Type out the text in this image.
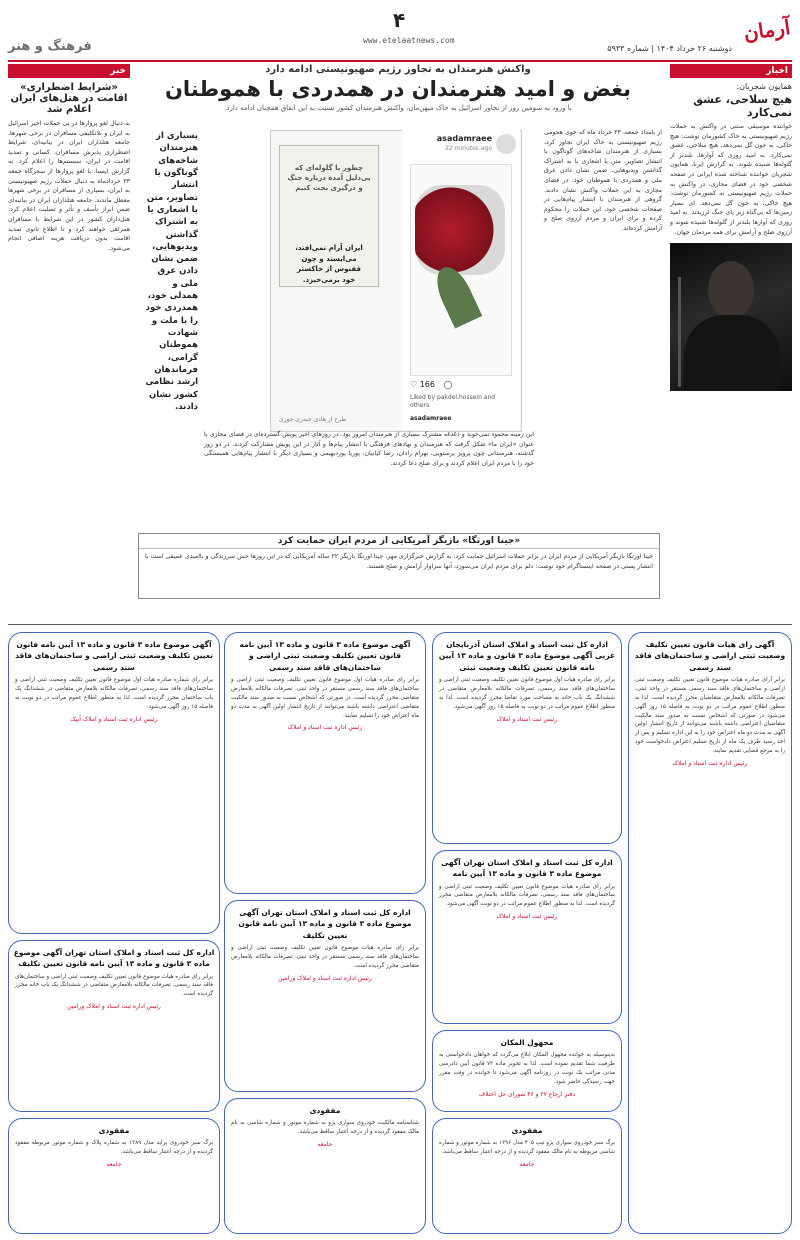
آرمان
۴
www.etelaatnews.com
دوشنبه ۲۶ خرداد ۱۴۰۴ | شماره ۵۹۳۳
فرهنگ و هنر
اخبار
همایون شجریان:
هیچ سلاحی، عشق نمی‌کارد
خواننده موسیقی سنتی در واکنش به حملات رژیم صهیونیستی به خاک کشورمان نوشت: هیچ خاکی، به خون گل نمی‌دهد، هیچ سلاحی، عشق نمی‌کارد. به امید روزی که آوارها، بلندتر از گلوله‌ها شنیده شوند. به گزارش ایرنا، همایون شجریان خواننده شناخته شده ایرانی در صفحه شخصی خود در فضای مجازی، در واکنش به حملات رژیم صهیونیستی به کشورمان نوشت: هیچ خاکی، به خون گل نمی‌دهد. ای بسیار زمین‌ها که بی‌گناه زیر پای جنگ لرزیدند. به امید روزی که آوارها بلندتر از گلوله‌ها شنیده شوند و آرزوی صلح و آرامش برای همه مردمان جهان.
خبر
«شرایط اضطراری» اقامت در هتل‌های ایران اعلام شد
به دنبال لغو پروازها در پی حملات اخیر اسرائیل به ایران و بلاتکلیفی مسافران در برخی شهرها، جامعه هتلداران ایران در بیانیه‌ای، شرایط اضطراری پذیرش مسافران، کسانی و تمدید اقامت در ایران، سیستم‌ها را اعلام کرد. به گزارش ایسنا، با لغو پروازها از سحرگاه جمعه ۲۳ خردادماه به دنبال حملات رژیم صهیونیستی به ایران، بسیاری از مسافران در برخی شهرها معطل ماندند. جامعه هتلداران ایران در بیانیه‌ای ضمن ابراز تأسف و تأثر و تسلیت اعلام کرد: هتل‌داران کشور در این شرایط با مسافران همراهی خواهند کرد و تا اطلاع ثانوی تمدید اقامت بدون دریافت هزینه اضافی انجام می‌شود.
واکنش هنرمندان به تجاوز رژیم صهیونیستی ادامه دارد
بغض و امید هنرمندان در همدردی با هموطنان
با ورود به سومین روز از تجاوز اسرائیل به خاک میهن‌مان، واکنش هنرمندان کشور نسبت به این اتفاق همچنان ادامه دارد.
از بامداد جمعه، ۲۳ خرداد ماه که خوی هجومی رژیم صهیونیستی به خاک ایران تجاوز کرد، بسیاری از هنرمندان شاخه‌های گوناگون با انتشار تصاویر، متن یا اشعاری با به اشتراک گذاشتن ویدیوهایی، ضمن نشان دادن عرق ملی و همدردی با هموطنان خود، در فضای مجازی به این حملات واکنش نشان دادند. گروهی از هنرمندان با انتشار پیام‌هایی در صفحات شخصی خود، این حملات را محکوم کرده و برای ایران و مردم آرزوی صلح و آرامش کرده‌اند.
چطور با گلوله‌ای که بی‌دلیل آمده درباره جنگ و درگیری بحث کنیم
ایران آرام نمی‌افتد، می‌ایستد و چون ققنوس از خاکستر خود برمی‌خیزد.
طرح از هادی حیدری جوزی
asadamraee
22 minutes ago
♡ 166 ◯
Liked by pakdel.hossein and others
asadamraee
بسیاری از هنرمندان شاخه‌های گوناگون با انتشار تصاویر، متن یا اشعاری یا به اشتراک گذاشتن ویدیوهایی، ضمن نشان دادن عرق ملی و همدلی خود، همدردی خود را با ملت و شهادت هموطنان گرامی، فرماندهان ارشد نظامی کشور نشان دادند.
این زمینه محمود تمی‌خوند و دغدغه مشترک بسیاری از هنرمندان امروز بود. در روزهای اخیر پویش گسترده‌ای در فضای مجازی با عنوان «ایران ما» شکل گرفت که هنرمندان و نهادهای فرهنگی با انتشار پیام‌ها و آثار در این پویش مشارکت کردند. در دو روز گذشته، هنرمندانی چون پرویز پرستویی، بهرام رادان، رضا کیانیان، پوریا پوردیهیمی و بسیاری دیگر با انتشار پیام‌هایی همبستگی خود را با مردم ایران اعلام کردند و برای صلح دعا کردند.
«جینا اورتگا» بازیگر آمریکایی از مردم ایران حمایت کرد
جینا اورتگا بازیگر آمریکایی از مردم ایران در برابر حملات اسرائیل حمایت کرد. به گزارش خبرگزاری مهر، جینا اورتگا بازیگر ۲۲ ساله آمریکایی که در این روزها حس سرزندگی و ناامیدی عمیقی است با انتشار پستی در صفحه اینستاگرام خود نوشت: دلم برای مردم ایران می‌سوزد، آنها سزاوار آرامش و صلح هستند.
آگهی رای هیات قانون تعیین تکلیف وضعیت ثبتی اراضی و ساختمان‌های فاقد سند رسمی
برابر آرای صادره هیات موضوع قانون تعیین تکلیف وضعیت ثبتی اراضی و ساختمان‌های فاقد سند رسمی مستقر در واحد ثبتی، تصرفات مالکانه بلامعارض متقاضیان محرز گردیده است. لذا به منظور اطلاع عموم مراتب در دو نوبت به فاصله ۱۵ روز آگهی می‌شود در صورتی که اشخاص نسبت به صدور سند مالکیت متقاضیان اعتراضی داشته باشند می‌توانند از تاریخ انتشار اولین آگهی به مدت دو ماه اعتراض خود را به این اداره تسلیم و پس از اخذ رسید ظرف یک ماه از تاریخ تسلیم اعتراض دادخواست خود را به مرجع قضایی تقدیم نمایند.
رئیس اداره ثبت اسناد و املاک
اداره کل ثبت اسناد و املاک استان آذربایجان غربی آگهی موضوع ماده ۳ قانون و ماده ۱۳ آیین نامه قانون تعیین تکلیف وضعیت ثبتی
برابر رای صادره هیات اول موضوع قانون تعیین تکلیف وضعیت ثبتی اراضی و ساختمان‌های فاقد سند رسمی، تصرفات مالکانه بلامعارض متقاضی در ششدانگ یک باب خانه به مساحت مورد تقاضا محرز گردیده است. لذا به منظور اطلاع عموم مراتب در دو نوبت به فاصله ۱۵ روز آگهی می‌شود.
رئیس ثبت اسناد و املاک
آگهی موضوع ماده ۳ قانون و ماده ۱۳ آیین نامه قانون تعیین تکلیف وضعیت ثبتی اراضی و ساختمان‌های فاقد سند رسمی
برابر رای صادره هیات اول موضوع قانون تعیین تکلیف وضعیت ثبتی اراضی و ساختمان‌های فاقد سند رسمی مستقر در واحد ثبتی، تصرفات مالکانه بلامعارض متقاضی محرز گردیده است. در صورتی که اشخاص نسبت به صدور سند مالکیت متقاضی اعتراضی داشته باشند می‌توانند از تاریخ انتشار اولین آگهی به مدت دو ماه اعتراض خود را تسلیم نمایند.
رئیس اداره ثبت اسناد و املاک
آگهی موضوع ماده ۳ قانون و ماده ۱۳ آیین نامه قانون تعیین تکلیف وضعیت ثبتی اراضی و ساختمان‌های فاقد سند رسمی
برابر رای شماره صادره هیات اول موضوع قانون تعیین تکلیف وضعیت ثبتی اراضی و ساختمان‌های فاقد سند رسمی، تصرفات مالکانه بلامعارض متقاضی در ششدانگ یک باب ساختمان محرز گردیده است. لذا به منظور اطلاع عموم مراتب در دو نوبت به فاصله ۱۵ روز آگهی می‌شود.
رئیس اداره ثبت اسناد و املاک آبیک
اداره کل ثبت اسناد و املاک استان تهران آگهی موضوع ماده ۳ قانون و ماده ۱۳ آیین نامه
برابر رای صادره هیات موضوع قانون تعیین تکلیف وضعیت ثبتی اراضی و ساختمان‌های فاقد سند رسمی، تصرفات مالکانه بلامعارض متقاضی محرز گردیده است. لذا به منظور اطلاع عموم مراتب در دو نوبت آگهی می‌شود.
رئیس ثبت اسناد و املاک
اداره کل ثبت اسناد و املاک استان تهران آگهی موضوع ماده ۳ قانون و ماده ۱۳ آیین نامه قانون تعیین تکلیف
برابر رای صادره هیات موضوع قانون تعیین تکلیف وضعیت ثبتی اراضی و ساختمان‌های فاقد سند رسمی مستقر در واحد ثبتی، تصرفات مالکانه بلامعارض متقاضی محرز گردیده است.
رئیس اداره ثبت اسناد و املاک ورامین
اداره کل ثبت اسناد و املاک استان تهران آگهی موضوع ماده ۳ قانون و ماده ۱۳ آیین نامه قانون تعیین تکلیف
برابر رای صادره هیات موضوع قانون تعیین تکلیف وضعیت ثبتی اراضی و ساختمان‌های فاقد سند رسمی، تصرفات مالکانه بلامعارض متقاضی در ششدانگ یک باب خانه محرز گردیده است.
رئیس اداره ثبت اسناد و املاک ورامین
مجهول المکان
بدینوسیله به خوانده مجهول المکان ابلاغ می‌گردد که خواهان دادخواستی به طرفیت شما تقدیم نموده است. لذا به تجویز ماده ۷۳ قانون آیین دادرسی مدنی مراتب یک نوبت در روزنامه آگهی می‌شود تا خوانده در وقت مقرر جهت رسیدگی حاضر شود.
دفتر ارجاع ۲۷ و ۴۶ شورای حل اختلاف
مفقودی
برگ سبز خودروی سواری پژو تیپ ۴۰۵ مدل ۱۳۹۶ به شماره موتور و شماره شاسی مربوطه به نام مالک مفقود گردیده و از درجه اعتبار ساقط می‌باشد.
جامعه
مفقودی
شناسنامه مالکیت خودروی سواری پژو به شماره موتور و شماره شاسی به نام مالک مفقود گردیده و از درجه اعتبار ساقط می‌باشد.
جامعه
مفقودی
برگ سبز خودروی پراید مدل ۱۳۸۹ به شماره پلاک و شماره موتور مربوطه مفقود گردیده و از درجه اعتبار ساقط می‌باشد.
جامعه
